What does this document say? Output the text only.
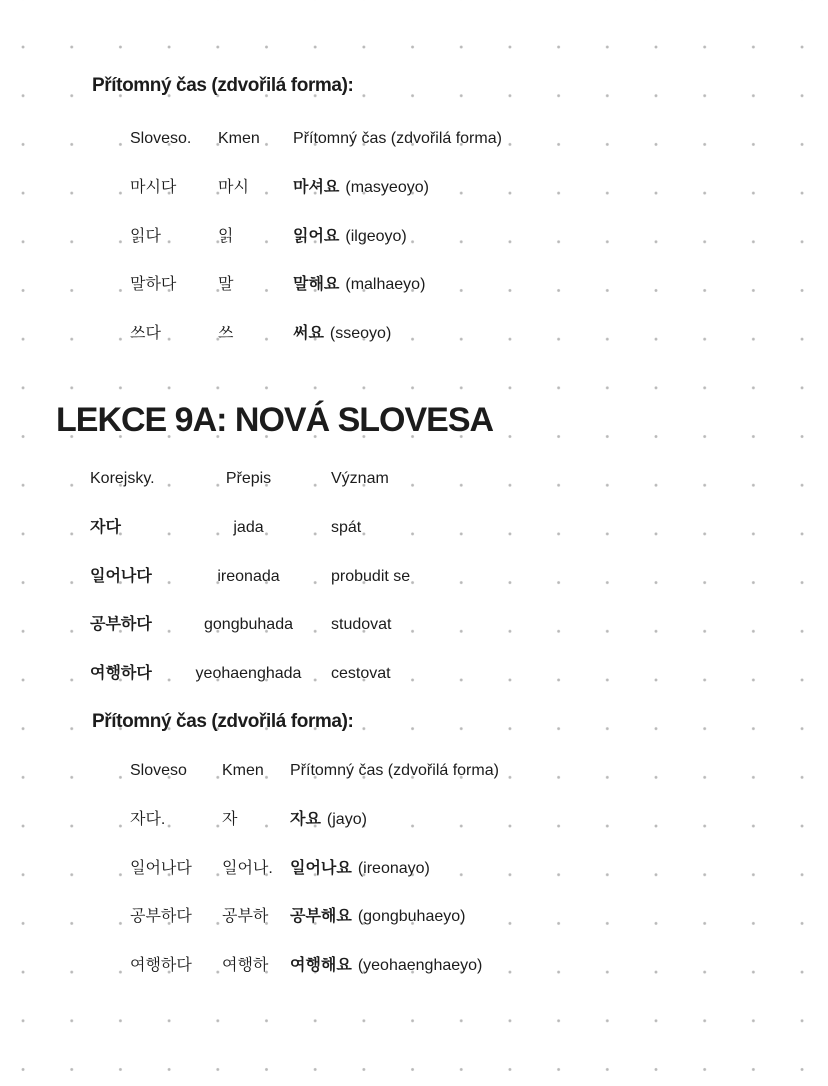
Přítomný čas (zdvořilá forma):
Sloveso.	Kmen	Přítomný čas (zdvořilá forma)
마시다	마시	마셔요 (masyeoyo)
읽다	읽	읽어요 (ilgeoyo)
말하다	말	말해요 (malhaeyo)
쓰다	쓰	써요 (sseoyo)
LEKCE 9A: NOVÁ SLOVESA
Korejsky.	Přepis	Význam
자다	jada	spát
일어나다	ireonada	probudit se
공부하다	gongbuhada	studovat
여행하다	yeohaenghada	cestovat
Přítomný čas (zdvořilá forma):
Sloveso	Kmen	Přítomný čas (zdvořilá forma)
자다.	자	자요 (jayo)
일어나다	일어나.	일어나요 (ireonayo)
공부하다	공부하	공부해요 (gongbuhaeyo)
여행하다	여행하	여행해요 (yeohaenghaeyo)
